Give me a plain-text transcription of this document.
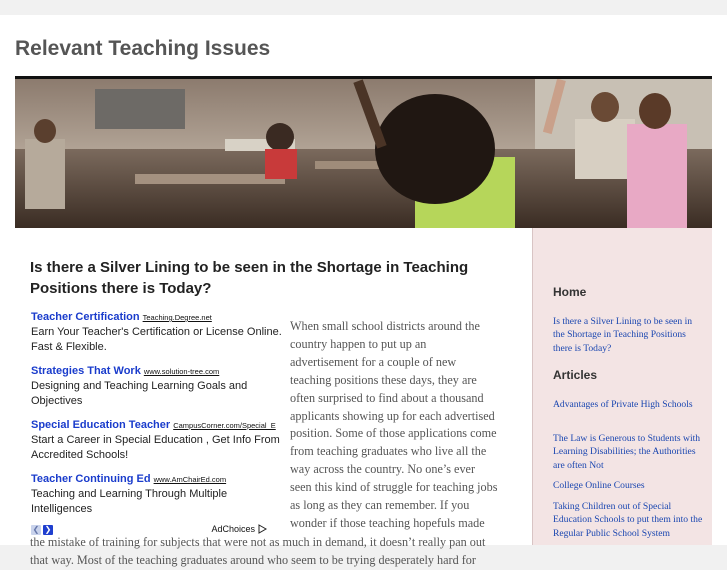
Relevant Teaching Issues
Is there a Silver Lining to be seen in the Shortage in Teaching Positions there is Today?
Teacher Certification Teaching.Degree.net
Earn Your Teacher's Certification or License Online. Fast & Flexible.
Strategies That Work www.solution-tree.com
Designing and Teaching Learning Goals and Objectives
Special Education Teacher CampusCorner.com/Special_E
Start a Career in Special Education , Get Info From Accredited Schools!
Teacher Continuing Ed www.AmChairEd.com
Teaching and Learning Through Multiple Intelligences
❮ ❯	AdChoices
When small school districts around the
country happen to put up an
advertisement for a couple of new
teaching positions these days, they are
often surprised to find about a thousand
applicants showing up for each advertised
position. Some of those applications come
from teaching graduates who live all the
way across the country. No one’s ever
seen this kind of struggle for teaching jobs
as long as they can remember. If you
wonder if those teaching hopefuls made
the mistake of training for subjects that were not as much in demand, it doesn’t really pan out
that way. Most of the teaching graduates around who seem to be trying desperately hard for
Home
Is there a Silver Lining to be seen in the Shortage in Teaching Positions there is Today?
Articles
Advantages of Private High Schools
The Law is Generous to Students with Learning Disabilities; the Authorities are often Not
College Online Courses
Taking Children out of Special Education Schools to put them into the Regular Public School System
